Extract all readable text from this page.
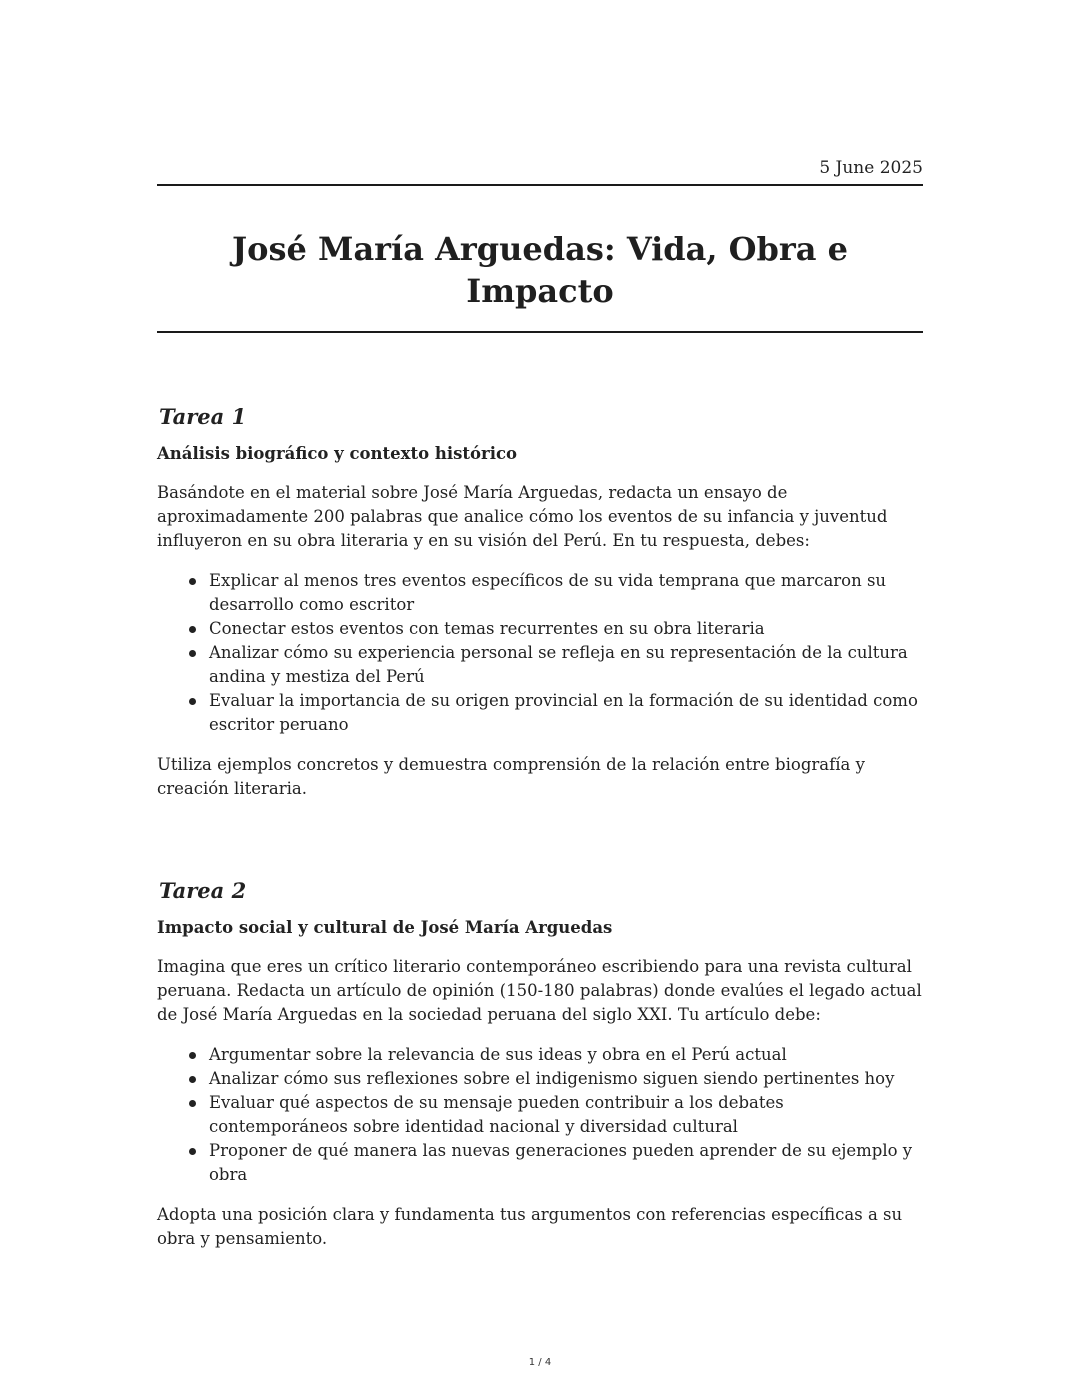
5 June 2025
José María Arguedas: Vida, Obra e Impacto
Tarea 1

Análisis biográfico y contexto histórico

Basándote en el material sobre José María Arguedas, redacta un ensayo de aproximadamente 200 palabras que analice cómo los eventos de su infancia y juventud influyeron en su obra literaria y en su visión del Perú. En tu respuesta, debes:

Explicar al menos tres eventos específicos de su vida temprana que marcaron su desarrollo como escritor
Conectar estos eventos con temas recurrentes en su obra literaria
Analizar cómo su experiencia personal se refleja en su representación de la cultura andina y mestiza del Perú
Evaluar la importancia de su origen provincial en la formación de su identidad como escritor peruano

Utiliza ejemplos concretos y demuestra comprensión de la relación entre biografía y creación literaria.

Tarea 2

Impacto social y cultural de José María Arguedas

Imagina que eres un crítico literario contemporáneo escribiendo para una revista cultural peruana. Redacta un artículo de opinión (150-180 palabras) donde evalúes el legado actual de José María Arguedas en la sociedad peruana del siglo XXI. Tu artículo debe:

Argumentar sobre la relevancia de sus ideas y obra en el Perú actual
Analizar cómo sus reflexiones sobre el indigenismo siguen siendo pertinentes hoy
Evaluar qué aspectos de su mensaje pueden contribuir a los debates contemporáneos sobre identidad nacional y diversidad cultural
Proponer de qué manera las nuevas generaciones pueden aprender de su ejemplo y obra

Adopta una posición clara y fundamenta tus argumentos con referencias específicas a su obra y pensamiento.

1 / 4
